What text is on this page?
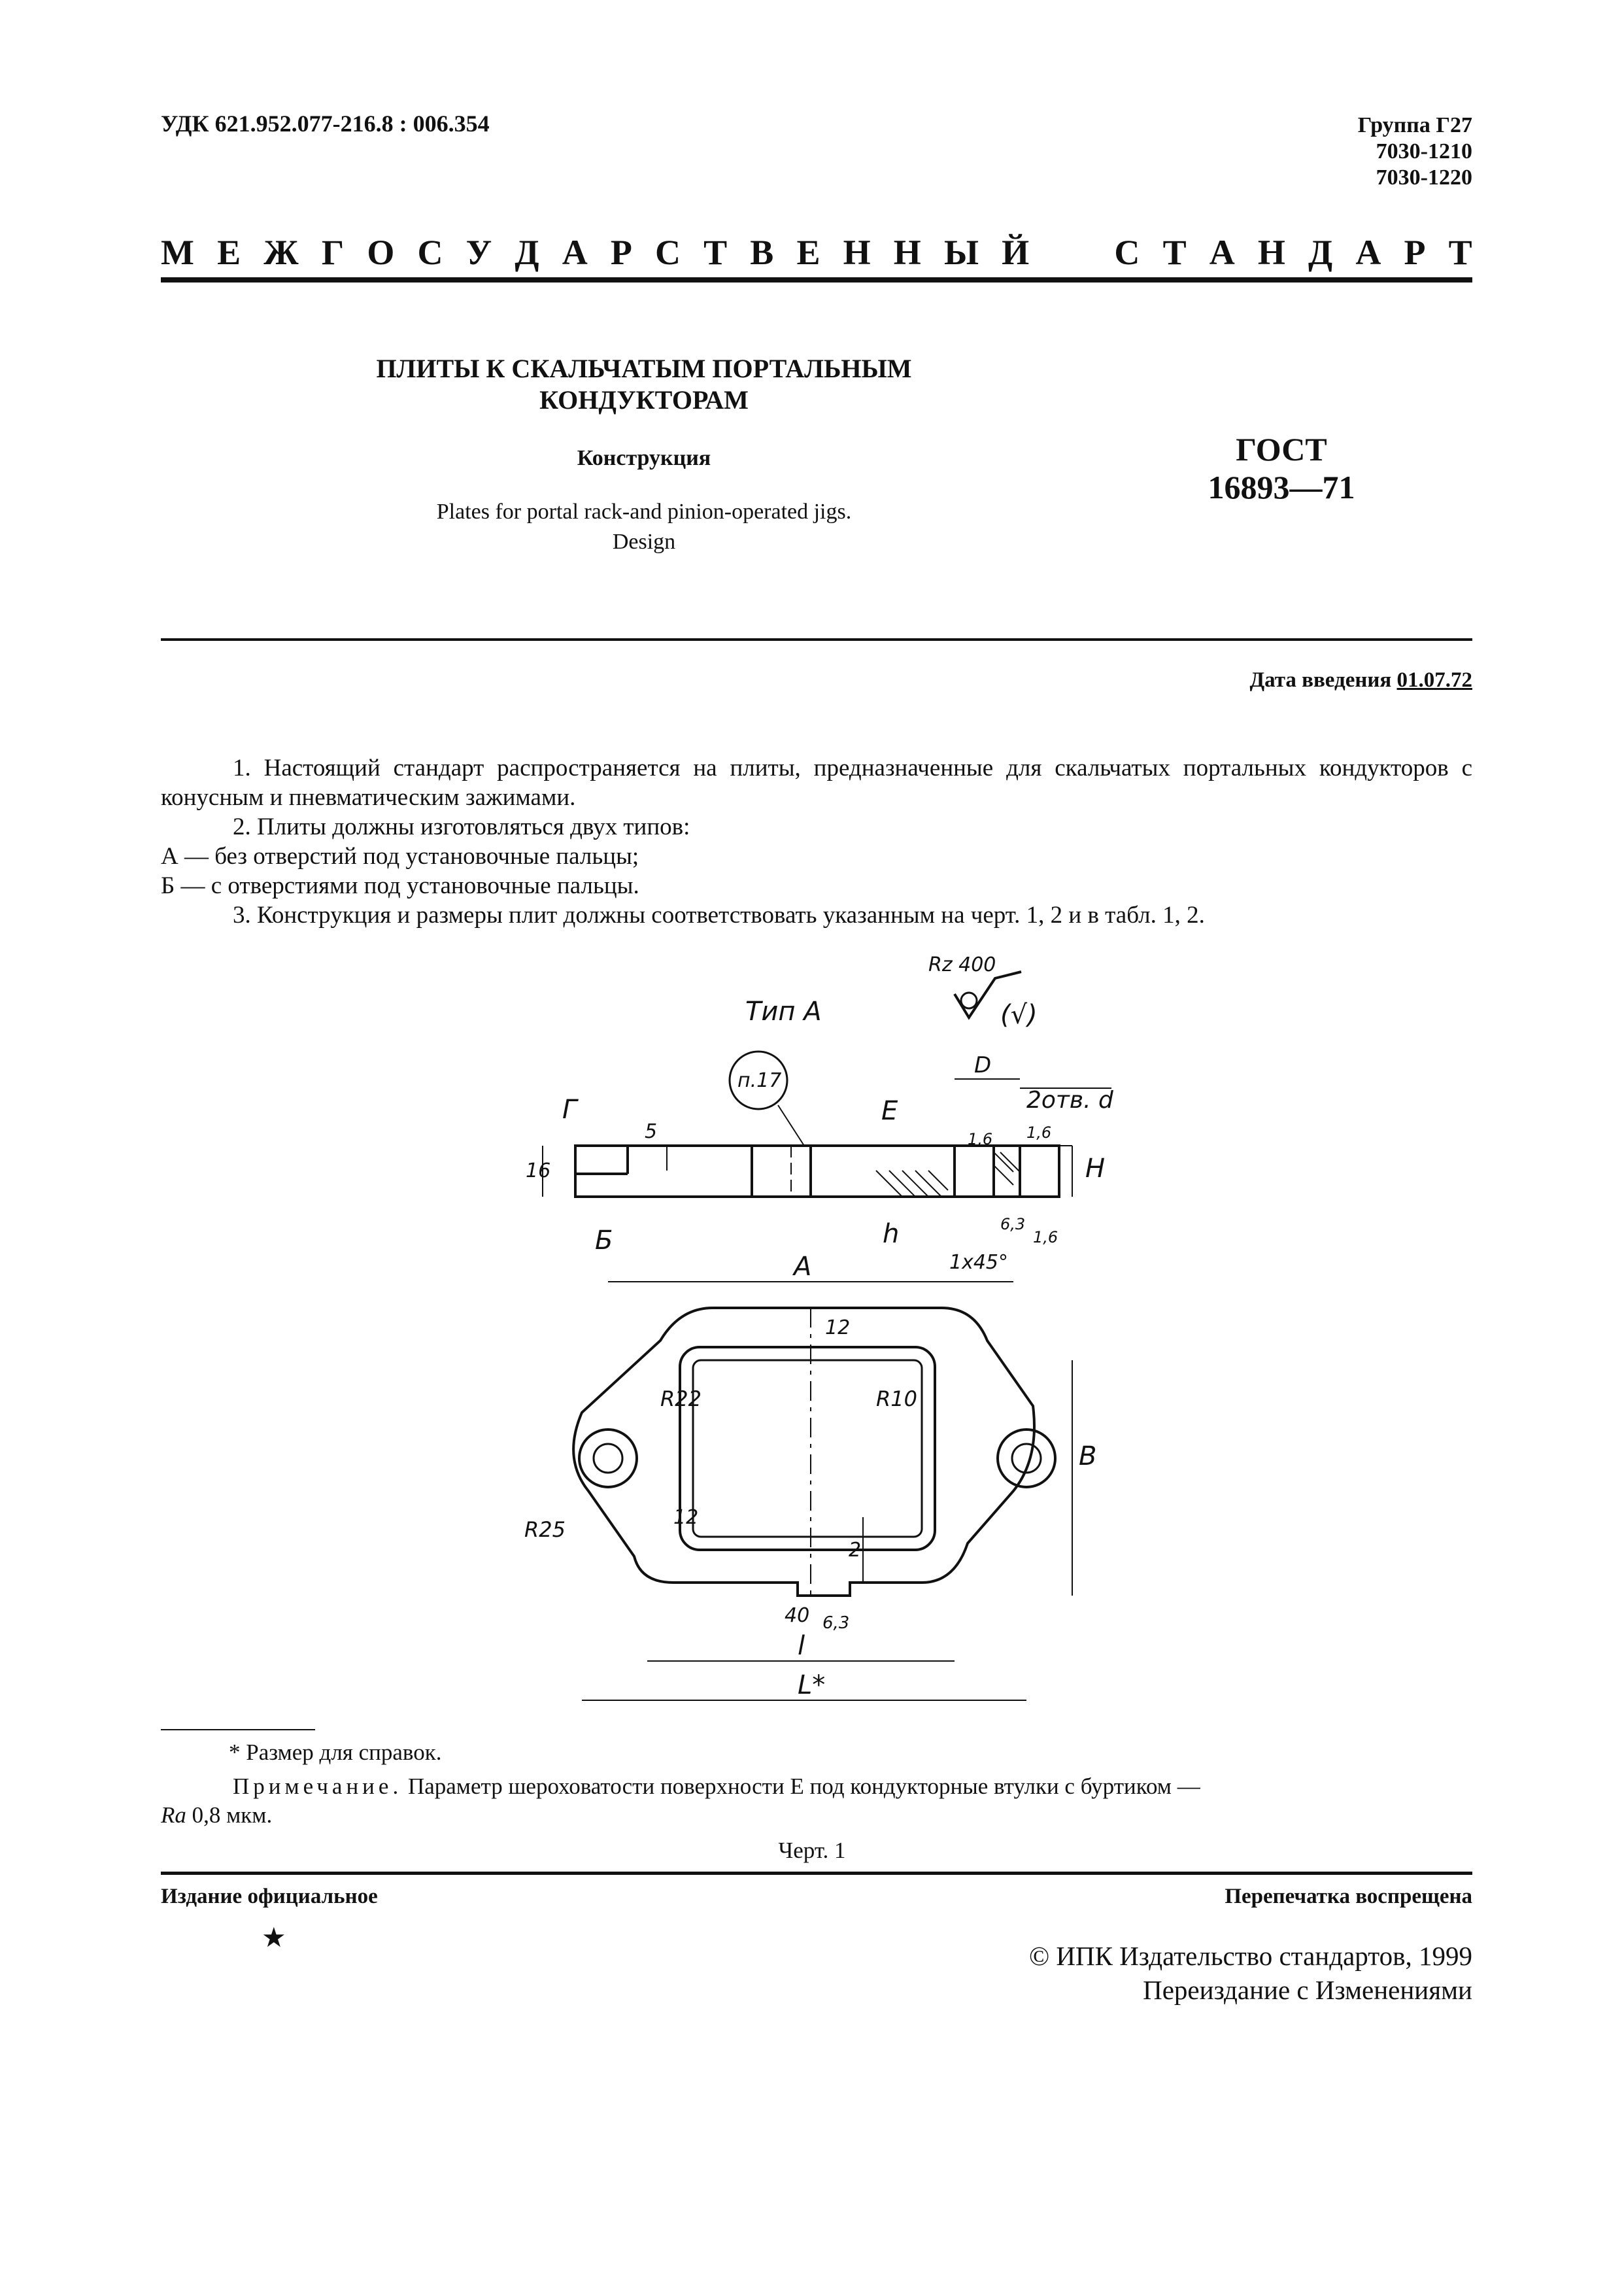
УДК 621.952.077-216.8 : 006.354	Группа Г27
7030-1210
7030-1220
М Е Ж Г О С У Д А Р С Т В Е Н Н Ы Й С Т А Н Д А Р Т
ПЛИТЫ К СКАЛЬЧАТЫМ ПОРТАЛЬНЫМ
КОНДУКТОРАМ
Конструкция
Plates for portal rack-and pinion-operated jigs.
Design
ГОСТ
16893—71
Дата введения 01.07.72

1. Настоящий стандарт распространяется на плиты, предназначенные для скальчатых портальных кондукторов с конусным и пневматическим зажимами.

2. Плиты должны изготовляться двух типов:

А — без отверстий под установочные пальцы;

Б — с отверстиями под установочные пальцы.

3. Конструкция и размеры плит должны соответствовать указанным на черт. 1, 2 и в табл. 1, 2.

Тип А
Rz 400
(√)
Г
Б
Е
п.17
D
2отв. d
h
H
1x45°
A
B
R22	R10
R25
l
L*
16
5
12
12
2
40 6,3
1,6
1,6
1,6
6,3
* Размер для справок.
Примечание. Параметр шероховатости поверхности Е под кондукторные втулки с буртиком —
Ra 0,8 мкм.
Черт. 1
Издание официальное
★
Перепечатка воспрещена
© ИПК Издательство стандартов, 1999
Переиздание с Изменениями
